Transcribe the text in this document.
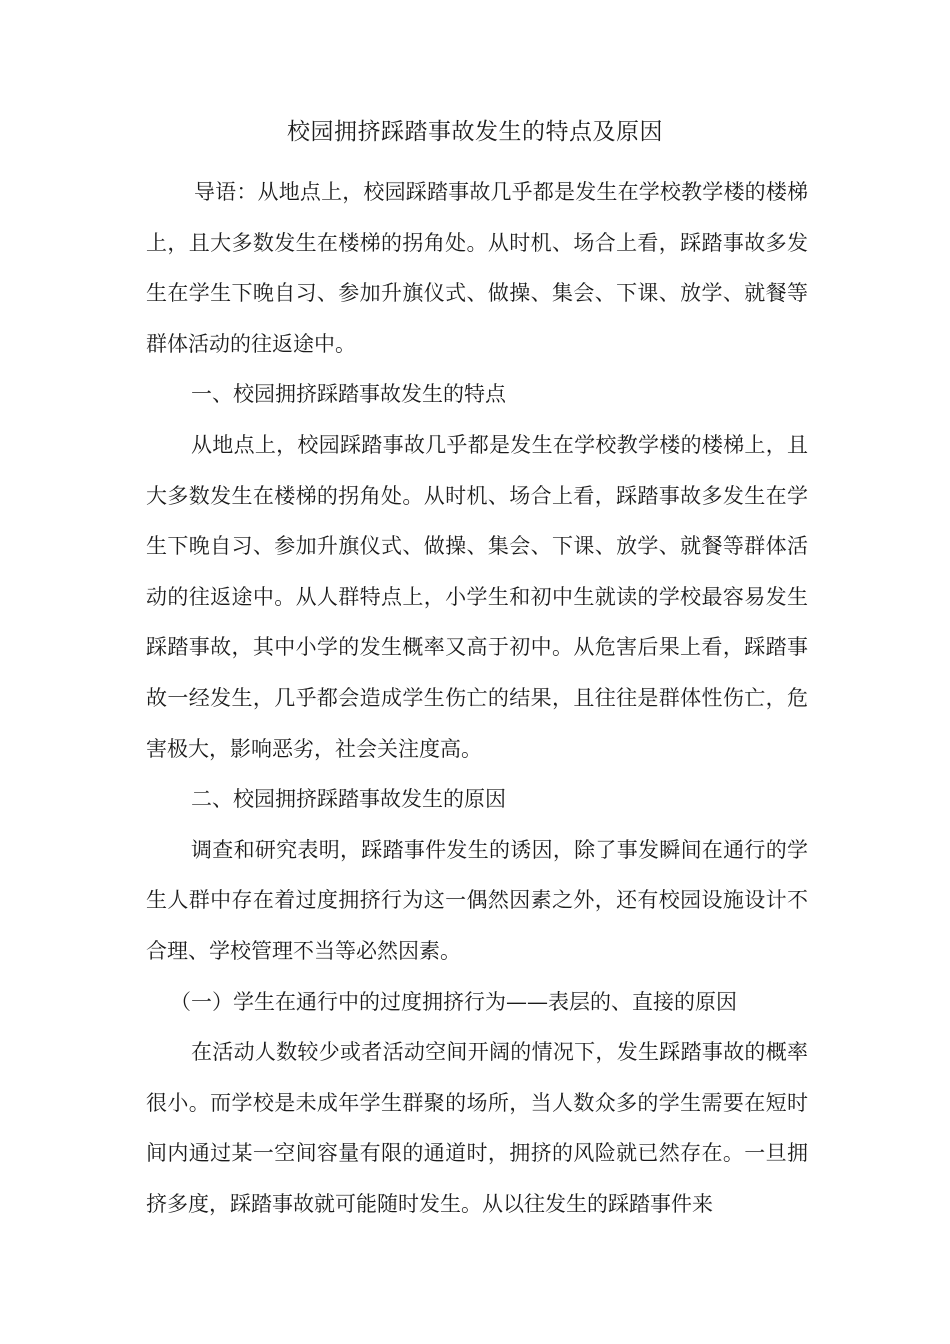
校园拥挤踩踏事故发生的特点及原因

导语：从地点上，校园踩踏事故几乎都是发生在学校教学楼的楼梯上，且大多数发生在楼梯的拐角处。从时机、场合上看，踩踏事故多发生在学生下晚自习、参加升旗仪式、做操、集会、下课、放学、就餐等群体活动的往返途中。

一、校园拥挤踩踏事故发生的特点

从地点上，校园踩踏事故几乎都是发生在学校教学楼的楼梯上，且大多数发生在楼梯的拐角处。从时机、场合上看，踩踏事故多发生在学生下晚自习、参加升旗仪式、做操、集会、下课、放学、就餐等群体活动的往返途中。从人群特点上，小学生和初中生就读的学校最容易发生踩踏事故，其中小学的发生概率又高于初中。从危害后果上看，踩踏事故一经发生，几乎都会造成学生伤亡的结果，且往往是群体性伤亡，危害极大，影响恶劣，社会关注度高。

二、校园拥挤踩踏事故发生的原因

调查和研究表明，踩踏事件发生的诱因，除了事发瞬间在通行的学生人群中存在着过度拥挤行为这一偶然因素之外，还有校园设施设计不合理、学校管理不当等必然因素。

（一）学生在通行中的过度拥挤行为——表层的、直接的原因

在活动人数较少或者活动空间开阔的情况下，发生踩踏事故的概率很小。而学校是未成年学生群聚的场所，当人数众多的学生需要在短时间内通过某一空间容量有限的通道时，拥挤的风险就已然存在。一旦拥挤多度，踩踏事故就可能随时发生。从以往发生的踩踏事件来
